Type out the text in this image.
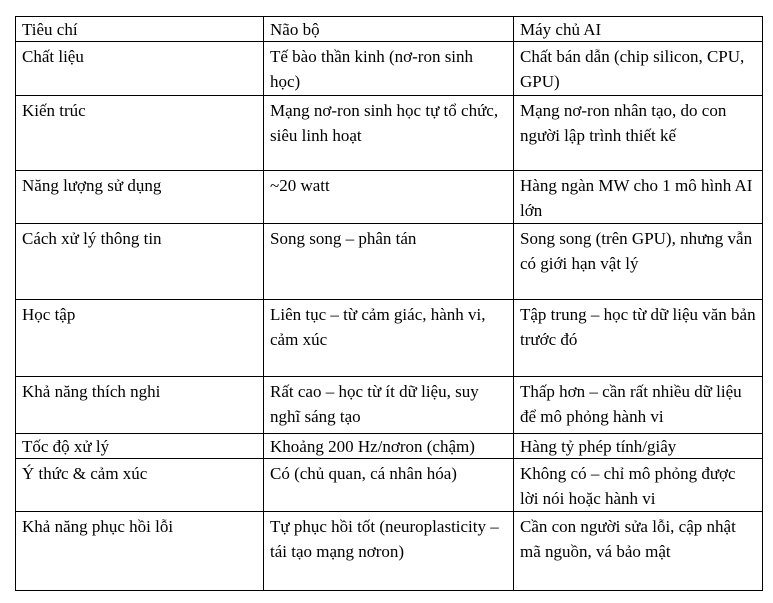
Tiêu chí	Não bộ	Máy chủ AI
Chất liệu	Tế bào thần kinh (nơ-ron sinh học)	Chất bán dẫn (chip silicon, CPU, GPU)
Kiến trúc	Mạng nơ-ron sinh học tự tổ chức, siêu linh hoạt	Mạng nơ-ron nhân tạo, do con người lập trình thiết kế
Năng lượng sử dụng	~20 watt	Hàng ngàn MW cho 1 mô hình AI lớn
Cách xử lý thông tin	Song song – phân tán	Song song (trên GPU), nhưng vẫn có giới hạn vật lý
Học tập	Liên tục – từ cảm giác, hành vi, cảm xúc	Tập trung – học từ dữ liệu văn bản trước đó
Khả năng thích nghi	Rất cao – học từ ít dữ liệu, suy nghĩ sáng tạo	Thấp hơn – cần rất nhiều dữ liệu để mô phỏng hành vi
Tốc độ xử lý	Khoảng 200 Hz/nơron (chậm)	Hàng tỷ phép tính/giây
Ý thức & cảm xúc	Có (chủ quan, cá nhân hóa)	Không có – chỉ mô phỏng được lời nói hoặc hành vi
Khả năng phục hồi lỗi	Tự phục hồi tốt (neuroplasticity – tái tạo mạng nơron)	Cần con người sửa lỗi, cập nhật mã nguồn, vá bảo mật
